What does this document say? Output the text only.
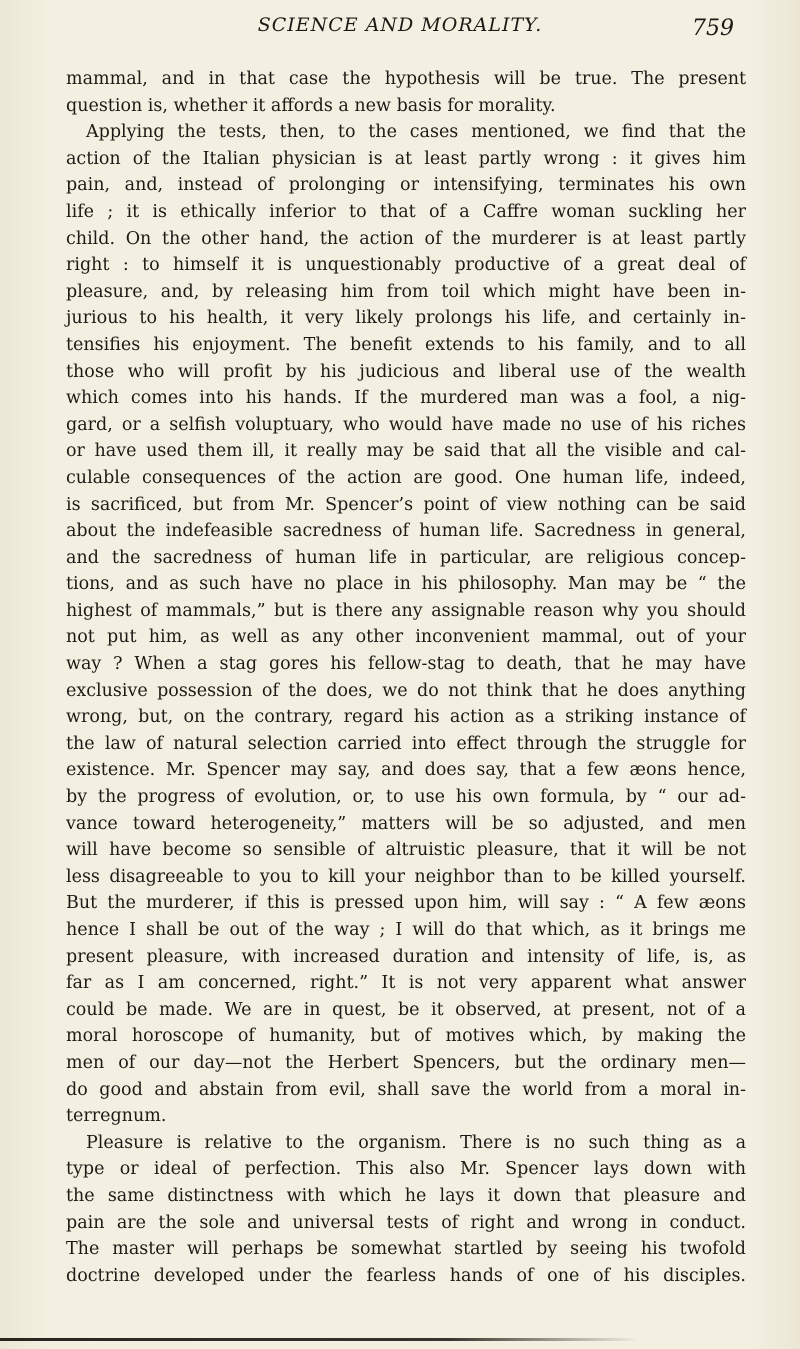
SCIENCE AND MORALITY.	759
mammal, and in that case the hypothesis will be true. The present
question is, whether it affords a new basis for morality.
Applying the tests, then, to the cases mentioned, we find that the
action of the Italian physician is at least partly wrong : it gives him
pain, and, instead of prolonging or intensifying, terminates his own
life ; it is ethically inferior to that of a Caffre woman suckling her
child. On the other hand, the action of the murderer is at least partly
right : to himself it is unquestionably productive of a great deal of
pleasure, and, by releasing him from toil which might have been in-
jurious to his health, it very likely prolongs his life, and certainly in-
tensifies his enjoyment. The benefit extends to his family, and to all
those who will profit by his judicious and liberal use of the wealth
which comes into his hands. If the murdered man was a fool, a nig-
gard, or a selfish voluptuary, who would have made no use of his riches
or have used them ill, it really may be said that all the visible and cal-
culable consequences of the action are good. One human life, indeed,
is sacrificed, but from Mr. Spencer’s point of view nothing can be said
about the indefeasible sacredness of human life. Sacredness in general,
and the sacredness of human life in particular, are religious concep-
tions, and as such have no place in his philosophy. Man may be “ the
highest of mammals,” but is there any assignable reason why you should
not put him, as well as any other inconvenient mammal, out of your
way ? When a stag gores his fellow-stag to death, that he may have
exclusive possession of the does, we do not think that he does anything
wrong, but, on the contrary, regard his action as a striking instance of
the law of natural selection carried into effect through the struggle for
existence. Mr. Spencer may say, and does say, that a few æons hence,
by the progress of evolution, or, to use his own formula, by “ our ad-
vance toward heterogeneity,” matters will be so adjusted, and men
will have become so sensible of altruistic pleasure, that it will be not
less disagreeable to you to kill your neighbor than to be killed yourself.
But the murderer, if this is pressed upon him, will say : “ A few æons
hence I shall be out of the way ; I will do that which, as it brings me
present pleasure, with increased duration and intensity of life, is, as
far as I am concerned, right.” It is not very apparent what answer
could be made. We are in quest, be it observed, at present, not of a
moral horoscope of humanity, but of motives which, by making the
men of our day—not the Herbert Spencers, but the ordinary men—
do good and abstain from evil, shall save the world from a moral in-
terregnum.
Pleasure is relative to the organism. There is no such thing as a
type or ideal of perfection. This also Mr. Spencer lays down with
the same distinctness with which he lays it down that pleasure and
pain are the sole and universal tests of right and wrong in conduct.
The master will perhaps be somewhat startled by seeing his twofold
doctrine developed under the fearless hands of one of his disciples.
